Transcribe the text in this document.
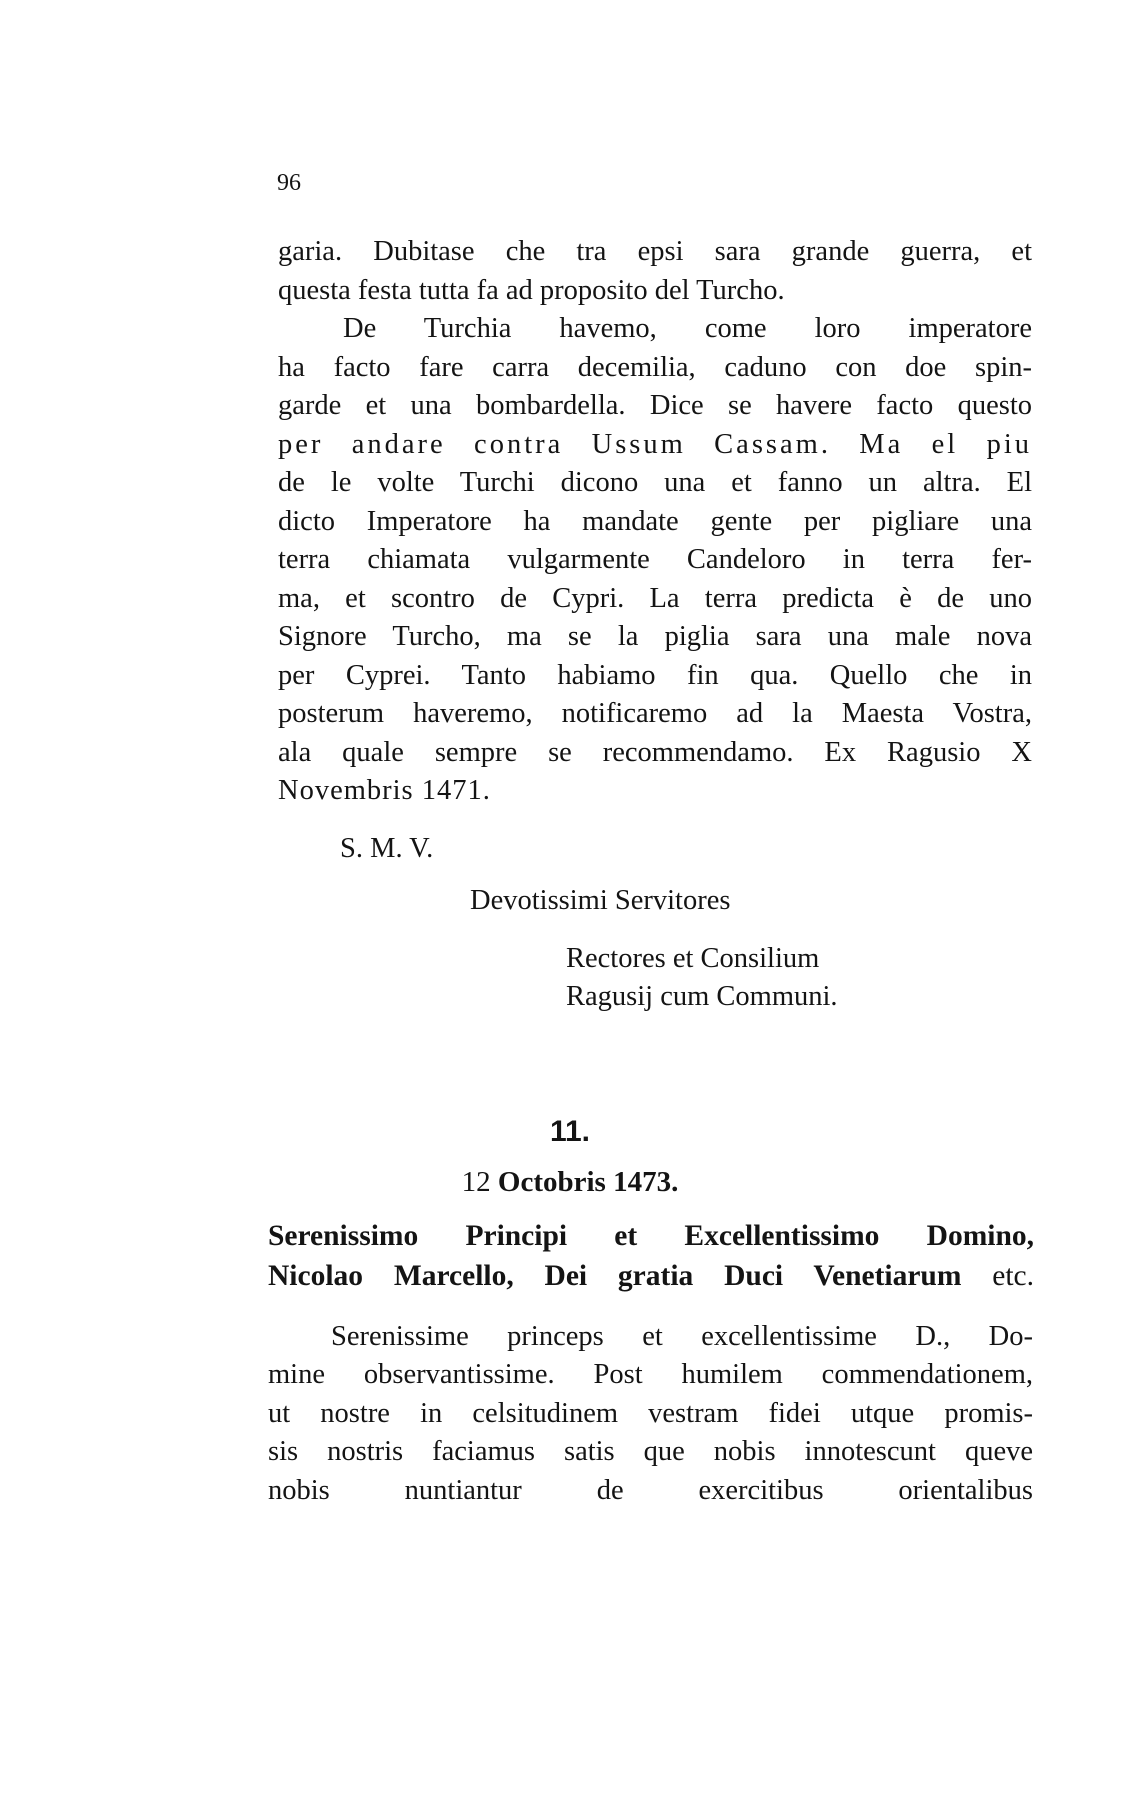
96
garia. Dubitase che tra epsi sara grande guerra, et
questa festa tutta fa ad proposito del Turcho.
De Turchia havemo, come loro imperatore
ha facto fare carra decemilia, caduno con doe spin-
garde et una bombardella. Dice se havere facto questo
per andare contra Ussum Cassam. Ma el piu
de le volte Turchi dicono una et fanno un altra. El
dicto Imperatore ha mandate gente per pigliare una
terra chiamata vulgarmente Candeloro in terra fer-
ma, et scontro de Cypri. La terra predicta è de uno
Signore Turcho, ma se la piglia sara una male nova
per Cyprei. Tanto habiamo fin qua. Quello che in
posterum haveremo, notificaremo ad la Maesta Vostra,
ala quale sempre se recommendamo. Ex Ragusio X
Novembris 1471.
S. M. V.
Devotissimi Servitores
Rectores et Consilium
Ragusij cum Communi.
11.
12 Octobris 1473.
Serenissimo Principi et Excellentissimo Domino,
Nicolao Marcello, Dei gratia Duci Venetiarum etc.
Serenissime princeps et excellentissime D., Do-
mine observantissime. Post humilem commendationem,
ut nostre in celsitudinem vestram fidei utque promis-
sis nostris faciamus satis que nobis innotescunt queve
nobis nuntiantur de exercitibus orientalibus
